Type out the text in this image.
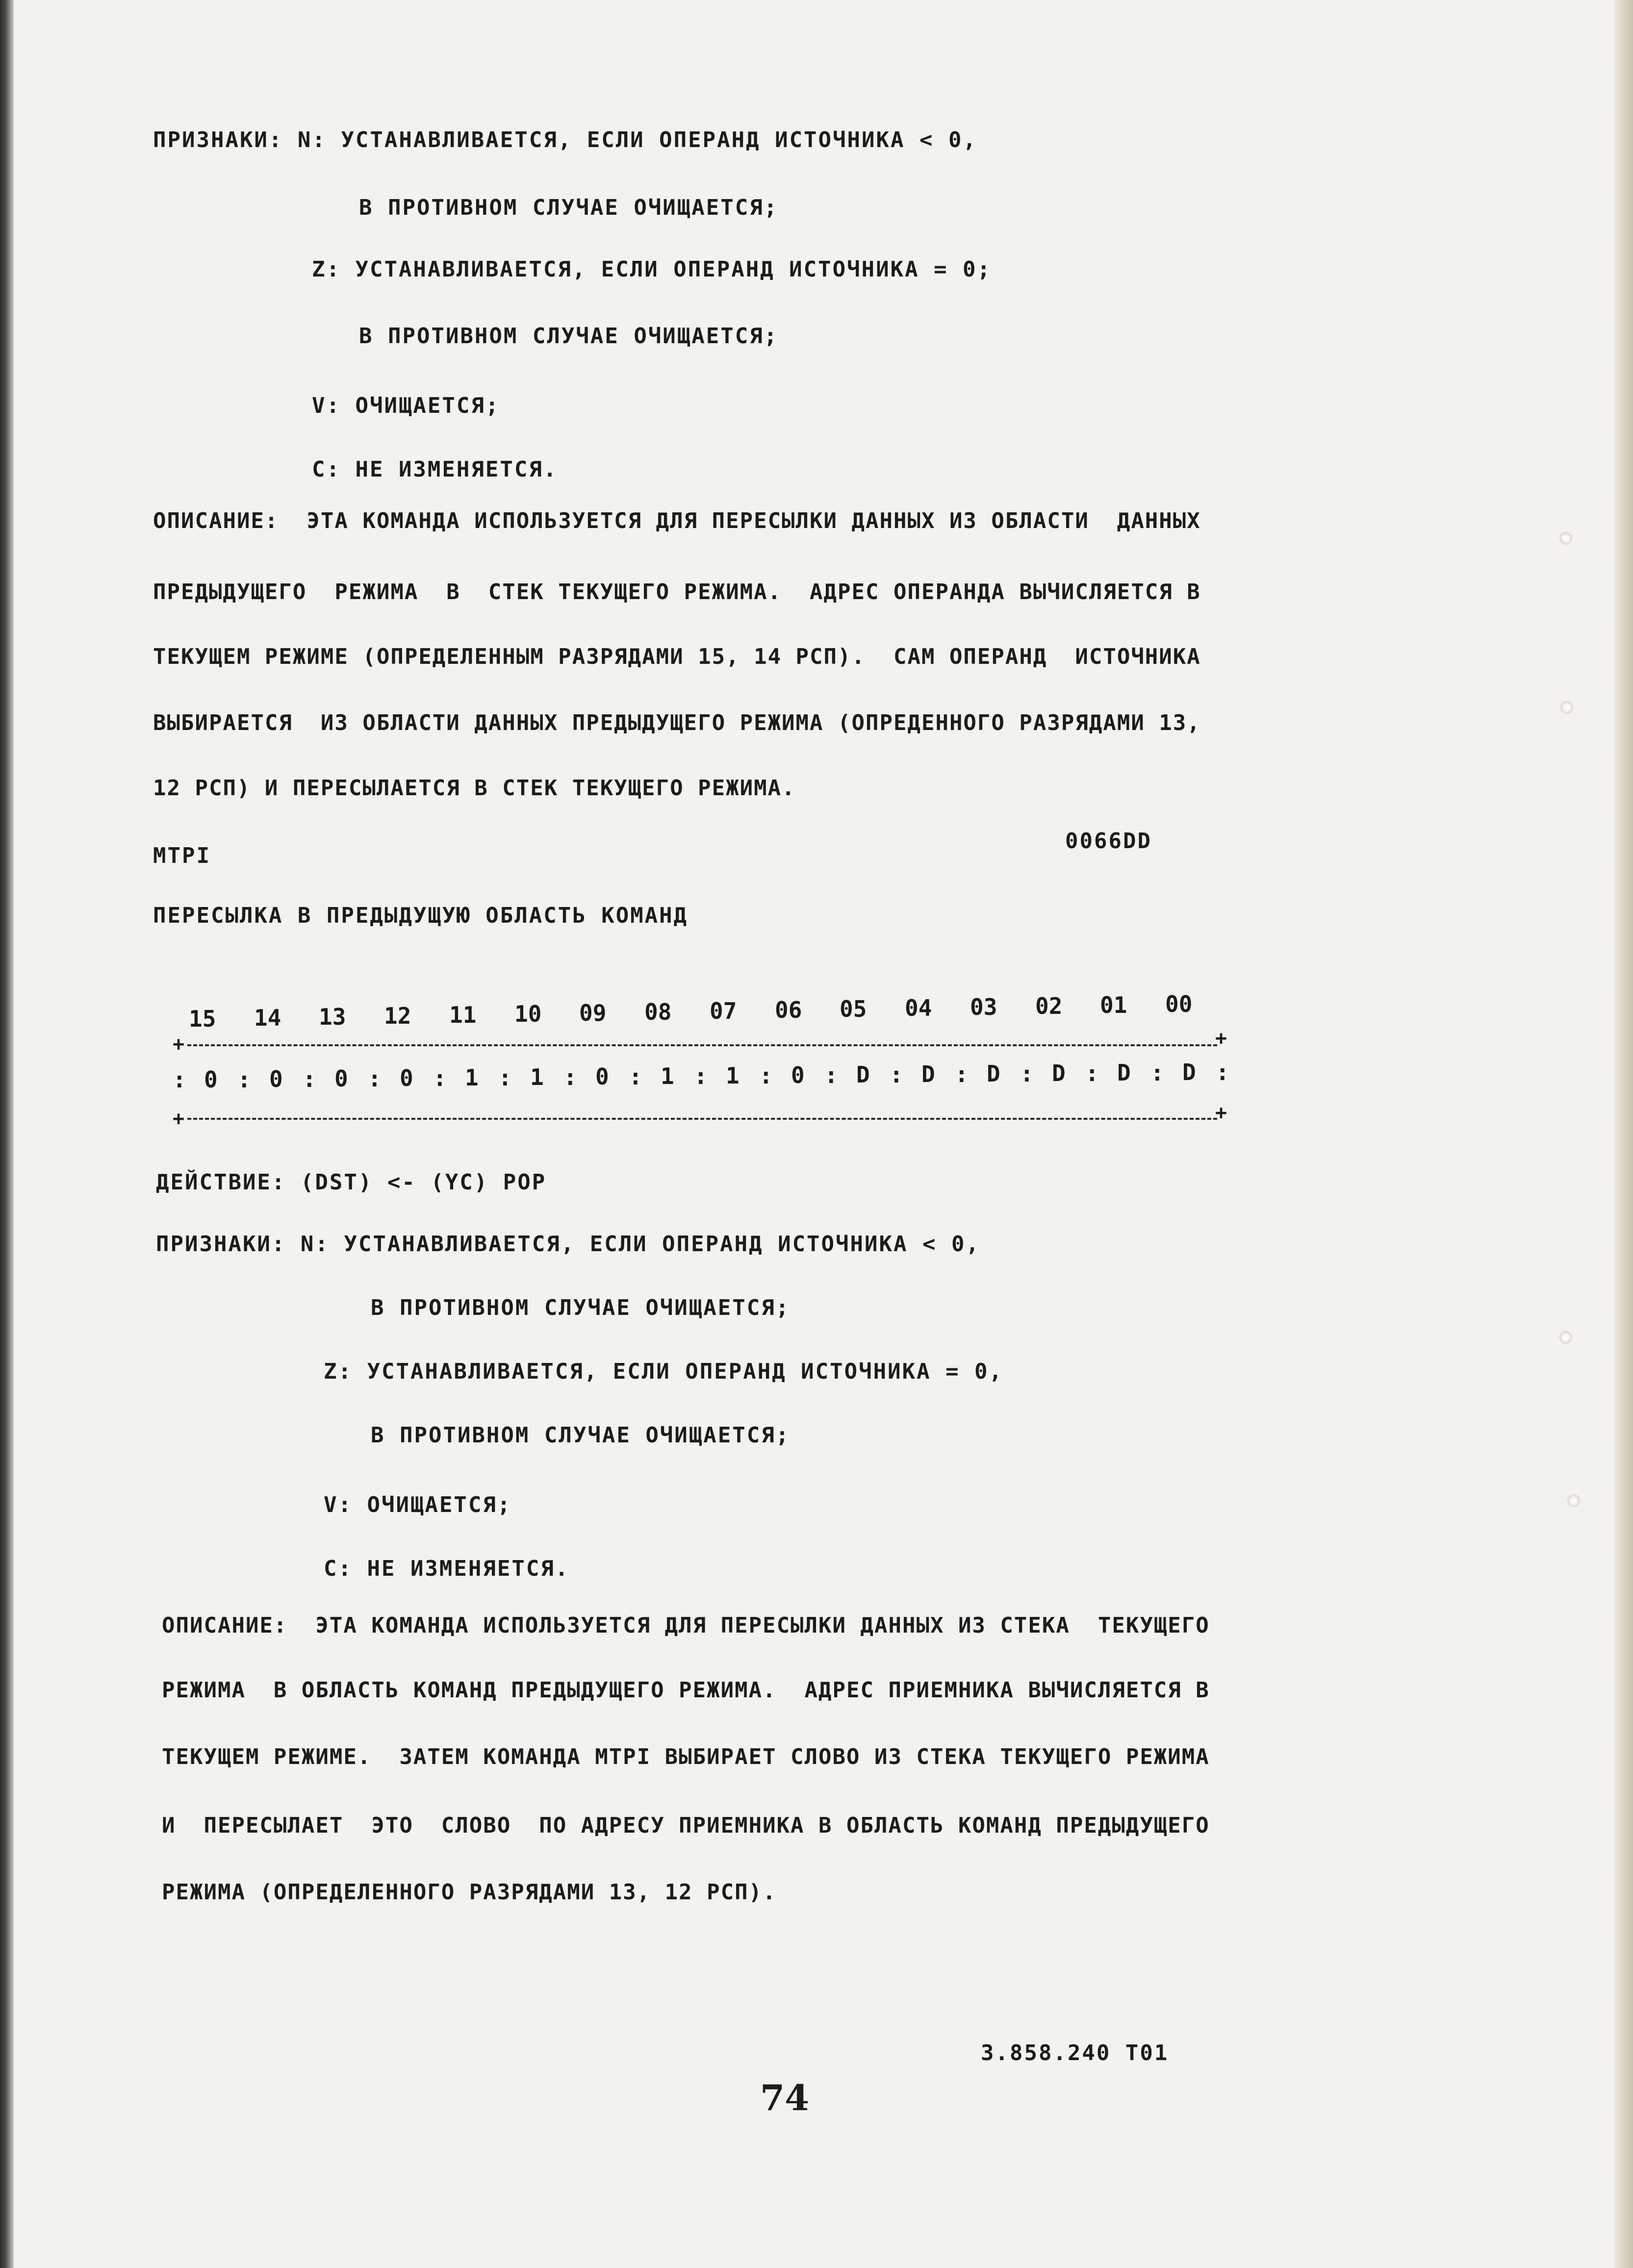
ПРИЗНАКИ: N: УСТАНАВЛИВАЕТСЯ, ЕСЛИ ОПЕРАНД ИСТОЧНИКА < 0,
В ПРОТИВНОМ СЛУЧАЕ ОЧИЩАЕТСЯ;
Z: УСТАНАВЛИВАЕТСЯ, ЕСЛИ ОПЕРАНД ИСТОЧНИКА = 0;
В ПРОТИВНОМ СЛУЧАЕ ОЧИЩАЕТСЯ;
V: ОЧИЩАЕТСЯ;
C: НЕ ИЗМЕНЯЕТСЯ.
ОПИСАНИЕ:  ЭТА КОМАНДА ИСПОЛЬЗУЕТСЯ ДЛЯ ПЕРЕСЫЛКИ ДАННЫХ ИЗ ОБЛАСТИ  ДАННЫХ
ПРЕДЫДУЩЕГО  РЕЖИМА  В  СТЕК ТЕКУЩЕГО РЕЖИМА.  АДРЕС ОПЕРАНДА ВЫЧИСЛЯЕТСЯ В
ТЕКУЩЕМ РЕЖИМЕ (ОПРЕДЕЛЕННЫМ РАЗРЯДАМИ 15, 14 РСП).  САМ ОПЕРАНД  ИСТОЧНИКА
ВЫБИРАЕТСЯ  ИЗ ОБЛАСТИ ДАННЫХ ПРЕДЫДУЩЕГО РЕЖИМА (ОПРЕДЕННОГО РАЗРЯДАМИ 13,
12 РСП) И ПЕРЕСЫЛАЕТСЯ В СТЕК ТЕКУЩЕГО РЕЖИМА.
MTPI
0066DD
ПЕРЕСЫЛКА В ПРЕДЫДУЩУЮ ОБЛАСТЬ КОМАНД
15 14 13 12 11 10 09 08 07 06 05 04 03 02 01 00
+	+
: 0 : 0 : 0 : 0 : 1 : 1 : 0 : 1 : 1 : 0 : D : D : D : D : D : D :
+	+
ДЕЙСТВИЕ: (DST) <- (YC) POP
ПРИЗНАКИ: N: УСТАНАВЛИВАЕТСЯ, ЕСЛИ ОПЕРАНД ИСТОЧНИКА < 0,
В ПРОТИВНОМ СЛУЧАЕ ОЧИЩАЕТСЯ;
Z: УСТАНАВЛИВАЕТСЯ, ЕСЛИ ОПЕРАНД ИСТОЧНИКА = 0,
В ПРОТИВНОМ СЛУЧАЕ ОЧИЩАЕТСЯ;
V: ОЧИЩАЕТСЯ;
C: НЕ ИЗМЕНЯЕТСЯ.
ОПИСАНИЕ:  ЭТА КОМАНДА ИСПОЛЬЗУЕТСЯ ДЛЯ ПЕРЕСЫЛКИ ДАННЫХ ИЗ СТЕКА  ТЕКУЩЕГО
РЕЖИМА  В ОБЛАСТЬ КОМАНД ПРЕДЫДУЩЕГО РЕЖИМА.  АДРЕС ПРИЕМНИКА ВЫЧИСЛЯЕТСЯ В
ТЕКУЩЕМ РЕЖИМЕ.  ЗАТЕМ КОМАНДА MTPI ВЫБИРАЕТ СЛОВО ИЗ СТЕКА ТЕКУЩЕГО РЕЖИМА
И  ПЕРЕСЫЛАЕТ  ЭТО  СЛОВО  ПО АДРЕСУ ПРИЕМНИКА В ОБЛАСТЬ КОМАНД ПРЕДЫДУЩЕГО
РЕЖИМА (ОПРЕДЕЛЕННОГО РАЗРЯДАМИ 13, 12 РСП).
3.858.240 Т01
74
